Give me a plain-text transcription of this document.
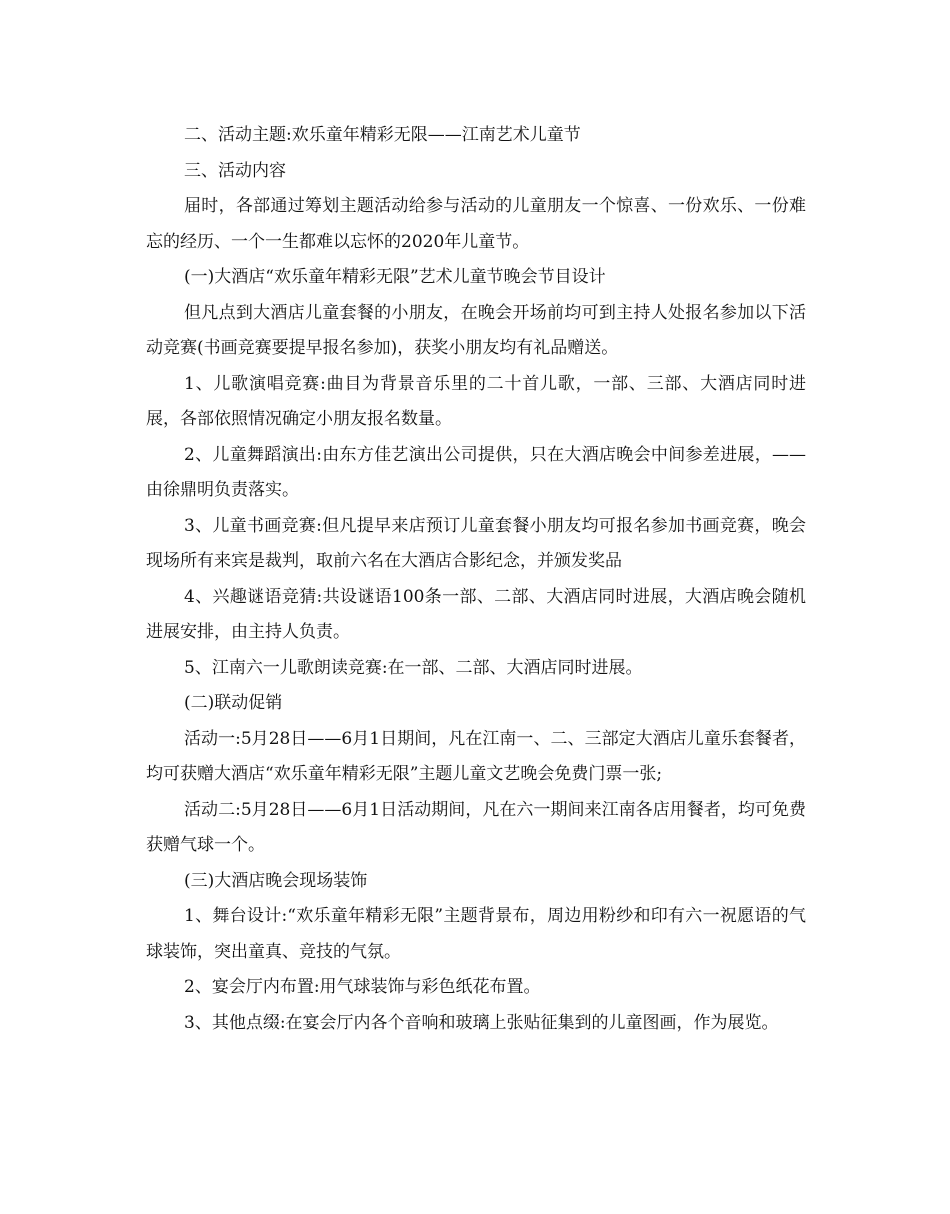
二、活动主题:欢乐童年精彩无限——江南艺术儿童节

三、活动内容

届时，各部通过筹划主题活动给参与活动的儿童朋友一个惊喜、一份欢乐、一份难忘的经历、一个一生都难以忘怀的2020年儿童节。

(一)大酒店“欢乐童年精彩无限”艺术儿童节晚会节目设计

但凡点到大酒店儿童套餐的小朋友，在晚会开场前均可到主持人处报名参加以下活动竞赛(书画竞赛要提早报名参加)，获奖小朋友均有礼品赠送。

1、儿歌演唱竞赛:曲目为背景音乐里的二十首儿歌，一部、三部、大酒店同时进展，各部依照情况确定小朋友报名数量。

2、儿童舞蹈演出:由东方佳艺演出公司提供，只在大酒店晚会中间参差进展，——由徐鼎明负责落实。

3、儿童书画竞赛:但凡提早来店预订儿童套餐小朋友均可报名参加书画竞赛，晚会现场所有来宾是裁判，取前六名在大酒店合影纪念，并颁发奖品

4、兴趣谜语竞猜:共设谜语100条一部、二部、大酒店同时进展，大酒店晚会随机进展安排，由主持人负责。

5、江南六一儿歌朗读竞赛:在一部、二部、大酒店同时进展。

(二)联动促销

活动一:5月28日——6月1日期间，凡在江南一、二、三部定大酒店儿童乐套餐者，均可获赠大酒店“欢乐童年精彩无限”主题儿童文艺晚会免费门票一张;

活动二:5月28日——6月1日活动期间，凡在六一期间来江南各店用餐者，均可免费获赠气球一个。

(三)大酒店晚会现场装饰

1、舞台设计:“欢乐童年精彩无限”主题背景布，周边用粉纱和印有六一祝愿语的气球装饰，突出童真、竞技的气氛。

2、宴会厅内布置:用气球装饰与彩色纸花布置。

3、其他点缀:在宴会厅内各个音响和玻璃上张贴征集到的儿童图画，作为展览。
